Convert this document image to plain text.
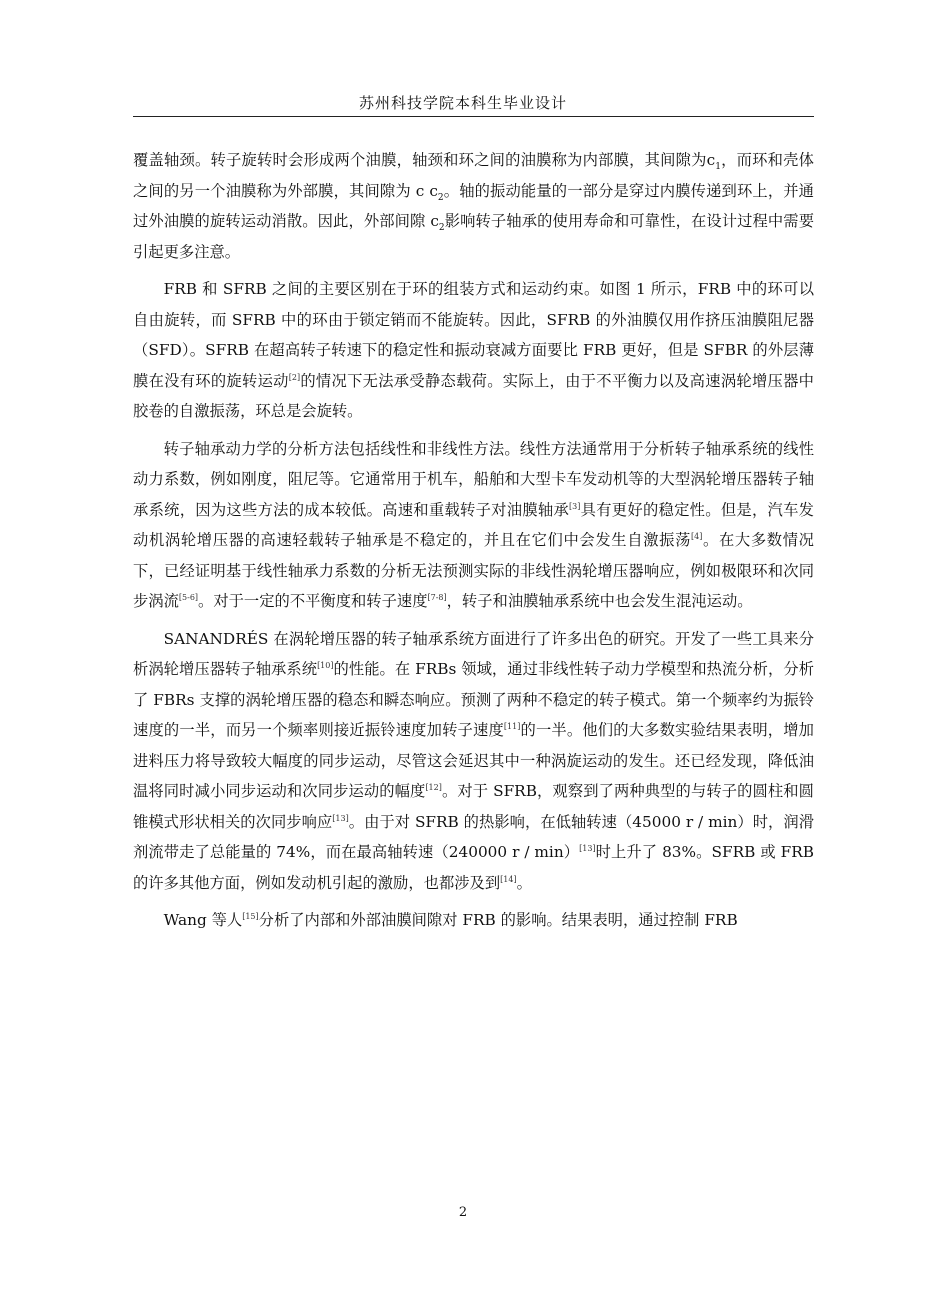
苏州科技学院本科生毕业设计

覆盖轴颈。转子旋转时会形成两个油膜，轴颈和环之间的油膜称为内部膜，其间隙为$c_1$，而环和壳体之间的另一个油膜称为外部膜，其间隙为 c $c_2$。轴的振动能量的一部分是穿过内膜传递到环上，并通过外油膜的旋转运动消散。因此，外部间隙 $c_2$影响转子轴承的使用寿命和可靠性，在设计过程中需要引起更多注意。

FRB 和 SFRB 之间的主要区别在于环的组装方式和运动约束。如图 1 所示，FRB 中的环可以自由旋转，而 SFRB 中的环由于锁定销而不能旋转。因此，SFRB 的外油膜仅用作挤压油膜阻尼器（SFD）。SFRB 在超高转子转速下的稳定性和振动衰减方面要比 FRB 更好，但是 SFBR 的外层薄膜在没有环的旋转运动[2]的情况下无法承受静态载荷。实际上，由于不平衡力以及高速涡轮增压器中胶卷的自激振荡，环总是会旋转。

转子轴承动力学的分析方法包括线性和非线性方法。线性方法通常用于分析转子轴承系统的线性动力系数，例如刚度，阻尼等。它通常用于机车，船舶和大型卡车发动机等的大型涡轮增压器转子轴承系统，因为这些方法的成本较低。高速和重载转子对油膜轴承[3]具有更好的稳定性。但是，汽车发动机涡轮增压器的高速轻载转子轴承是不稳定的，并且在它们中会发生自激振荡[4]。在大多数情况下，已经证明基于线性轴承力系数的分析无法预测实际的非线性涡轮增压器响应，例如极限环和次同步涡流[5-6]。对于一定的不平衡度和转子速度[7-8]，转子和油膜轴承系统中也会发生混沌运动。

SANANDRÉS 在涡轮增压器的转子轴承系统方面进行了许多出色的研究。开发了一些工具来分析涡轮增压器转子轴承系统[10]的性能。在 FRBs 领域，通过非线性转子动力学模型和热流分析，分析了 FBRs 支撑的涡轮增压器的稳态和瞬态响应。预测了两种不稳定的转子模式。第一个频率约为振铃速度的一半，而另一个频率则接近振铃速度加转子速度[11]的一半。他们的大多数实验结果表明，增加进料压力将导致较大幅度的同步运动，尽管这会延迟其中一种涡旋运动的发生。还已经发现，降低油温将同时减小同步运动和次同步运动的幅度[12]。对于 SFRB，观察到了两种典型的与转子的圆柱和圆锥模式形状相关的次同步响应[13]。由于对 SFRB 的热影响，在低轴转速（45000 r / min）时，润滑剂流带走了总能量的 74%，而在最高轴转速（240000 r / min）[13]时上升了 83%。SFRB 或 FRB 的许多其他方面，例如发动机引起的激励，也都涉及到[14]。

Wang 等人[15]分析了内部和外部油膜间隙对 FRB 的影响。结果表明，通过控制 FRB

2
